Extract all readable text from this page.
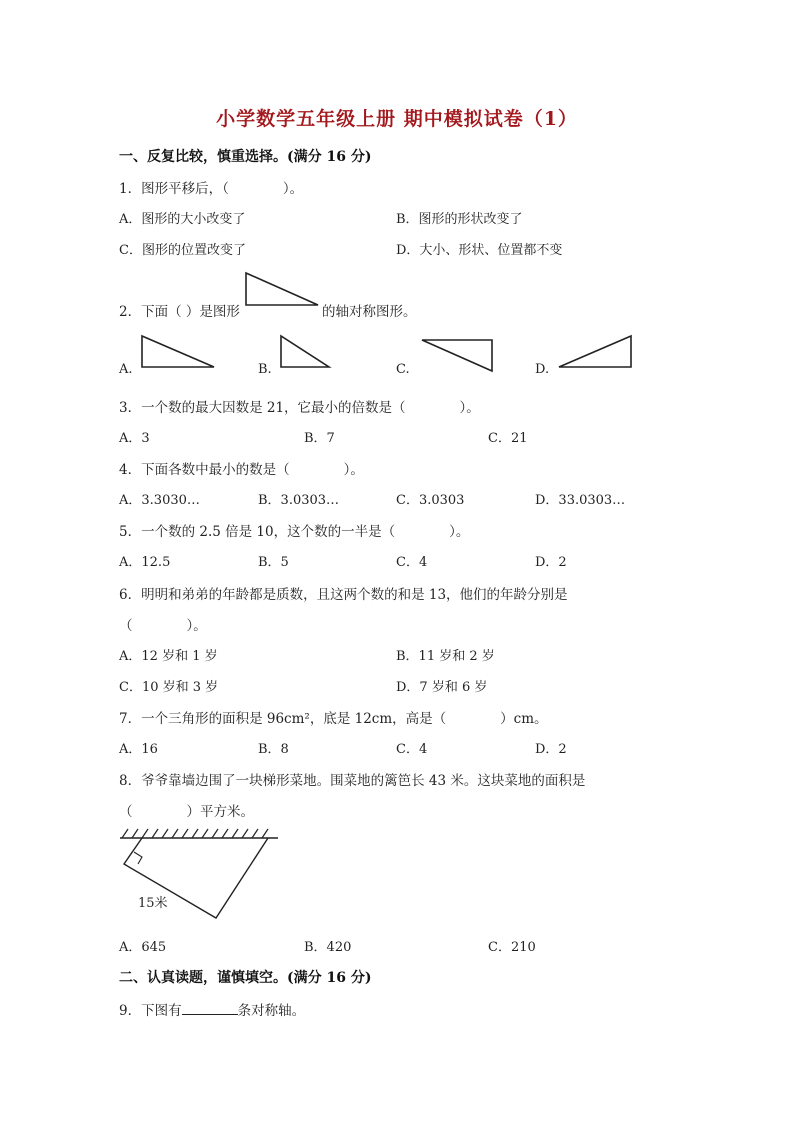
小学数学五年级上册 期中模拟试卷（1）
一、反复比较，慎重选择。(满分 16 分)
1．图形平移后，（　　　　）。
A．图形的大小改变了	B．图形的形状改变了
C．图形的位置改变了	D．大小、形状、位置都不变
2．下面（ ）是图形	的轴对称图形。
A.	B.	C.	D.
3．一个数的最大因数是 21，它最小的倍数是（　　　　）。
A．3	B．7	C．21
4．下面各数中最小的数是（　　　　）。
A．3.3030…	B．3.0303…	C．3.0303	D．33.0303…
5．一个数的 2.5 倍是 10，这个数的一半是（　　　　）。
A．12.5	B．5	C．4	D．2
6．明明和弟弟的年龄都是质数，且这两个数的和是 13，他们的年龄分别是
（　　　　）。
A．12 岁和 1 岁	B．11 岁和 2 岁
C．10 岁和 3 岁	D．7 岁和 6 岁
7．一个三角形的面积是 96cm²，底是 12cm，高是（　　　　）cm。
A．16	B．8	C．4	D．2
8．爷爷靠墙边围了一块梯形菜地。围菜地的篱笆长 43 米。这块菜地的面积是
（　　　　）平方米。
15米
A．645	B．420	C．210
二、认真读题，谨慎填空。(满分 16 分)
9．下图有	条对称轴。
